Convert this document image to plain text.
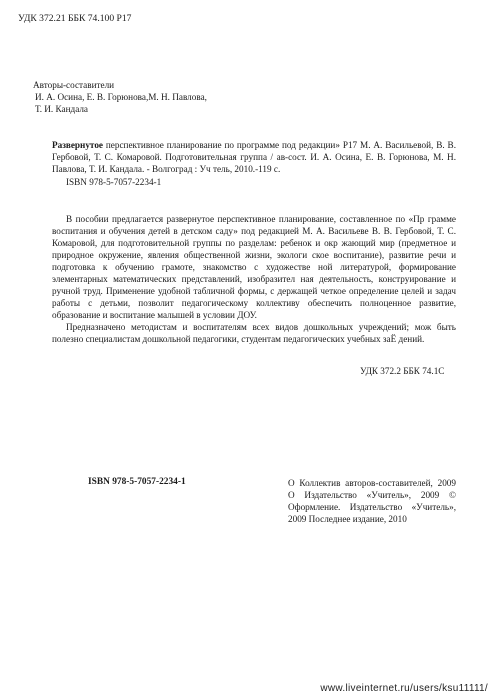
УДК 372.21 ББК 74.100 Р17
Авторы-составители
И. А. Осина, Е. В. Горюнова,М. Н. Павлова,
Т. И. Кандала
Развернутое перспективное планирование по программе под редакции» Р17 М. А. Васильевой, В. В. Гербовой, Т. С. Комаровой. Подготовительная группа / ав-сост. И. А. Осина, Е. В. Горюнова, М. Н. Павлова, Т. И. Кандала. - Волгоград : Уч тель, 2010.-119 с.
ISBN 978-5-7057-2234-1

В пособии предлагается развернутое перспективное планирование, составленное по «Пр грамме воспитания и обучения детей в детском саду» под редакцией М. А. Васильеве В. В. Гербовой, Т. С. Комаровой, для подготовительной группы по разделам: ребенок и окр жающий мир (предметное и природное окружение, явления общественной жизни, экологи ское воспитание), развитие речи и подготовка к обучению грамоте, знакомство с художестве ной литературой, формирование элементарных математических представлений, изобразител ная деятельность, конструирование и ручной труд. Применение удобной табличной формы, с держащей четкое определение целей и задач работы с детьми, позволит педагогическому коллективу обеспечить полноценное развитие, образование и воспитание малышей в условии ДОУ.

Предназначено методистам и воспитателям всех видов дошкольных учреждений; мож быть полезно специалистам дошкольной педагогики, студентам педагогических учебных заЁ дений.

УДК 372.2 ББК 74.1С
ISBN 978-5-7057-2234-1	О Коллектив авторов-составителей, 2009 О Издательство «Учитель», 2009 © Оформление. Издательство «Учитель», 2009 Последнее издание, 2010
www.liveinternet.ru/users/ksu11111/
